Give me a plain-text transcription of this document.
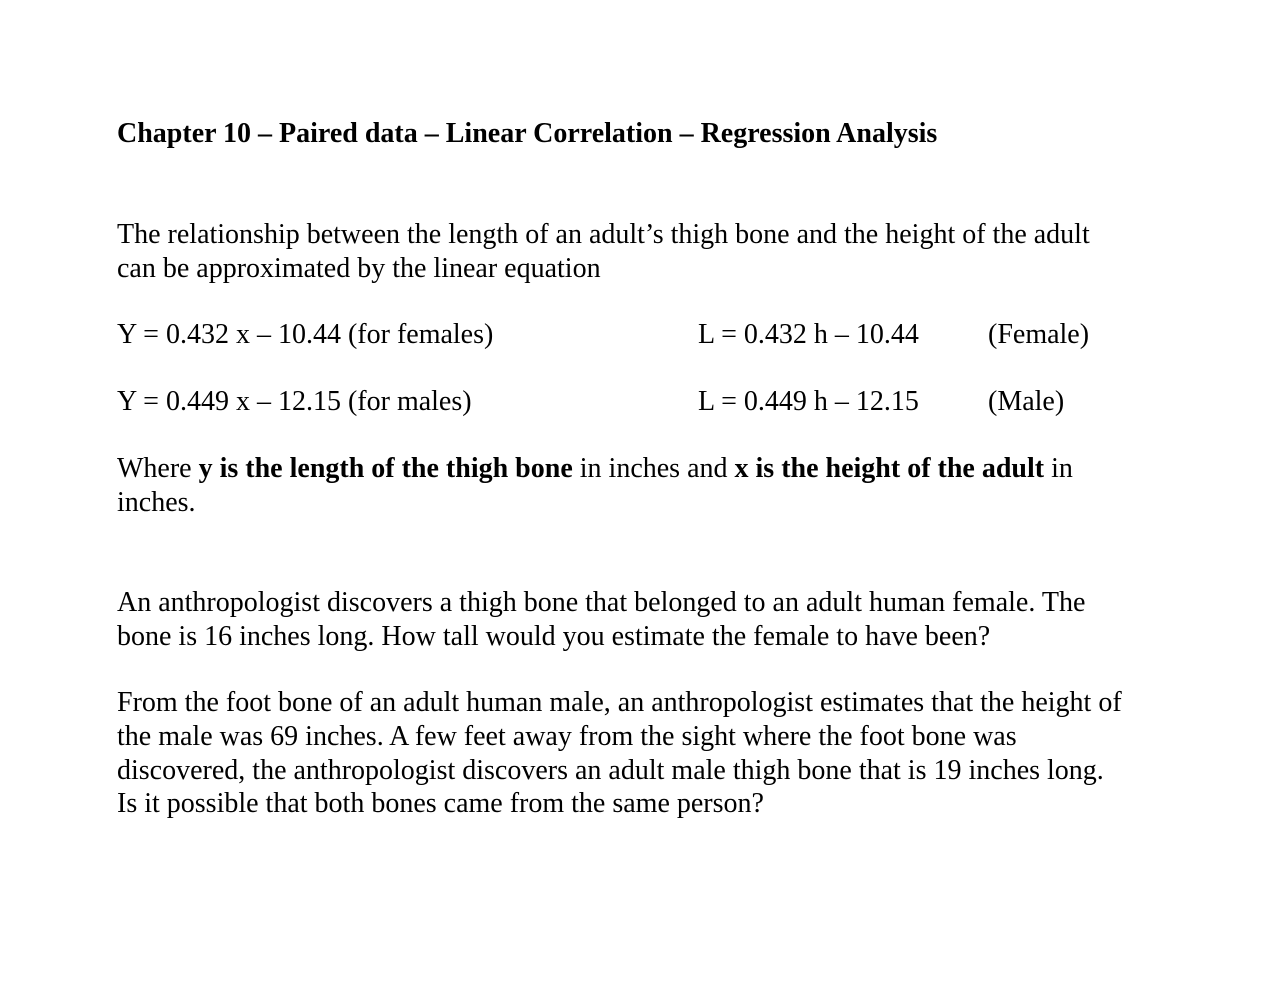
Chapter 10 – Paired data – Linear Correlation – Regression Analysis
The relationship between the length of an adult’s thigh bone and the height of the adult
can be approximated by the linear equation
Y = 0.432 x – 10.44 (for females)	L = 0.432 h – 10.44 (Female)
Y = 0.449 x – 12.15 (for males)	L = 0.449 h – 12.15 (Male)
Where y is the length of the thigh bone in inches and x is the height of the adult in
inches.
An anthropologist discovers a thigh bone that belonged to an adult human female. The
bone is 16 inches long. How tall would you estimate the female to have been?
From the foot bone of an adult human male, an anthropologist estimates that the height of
the male was 69 inches. A few feet away from the sight where the foot bone was
discovered, the anthropologist discovers an adult male thigh bone that is 19 inches long.
Is it possible that both bones came from the same person?
